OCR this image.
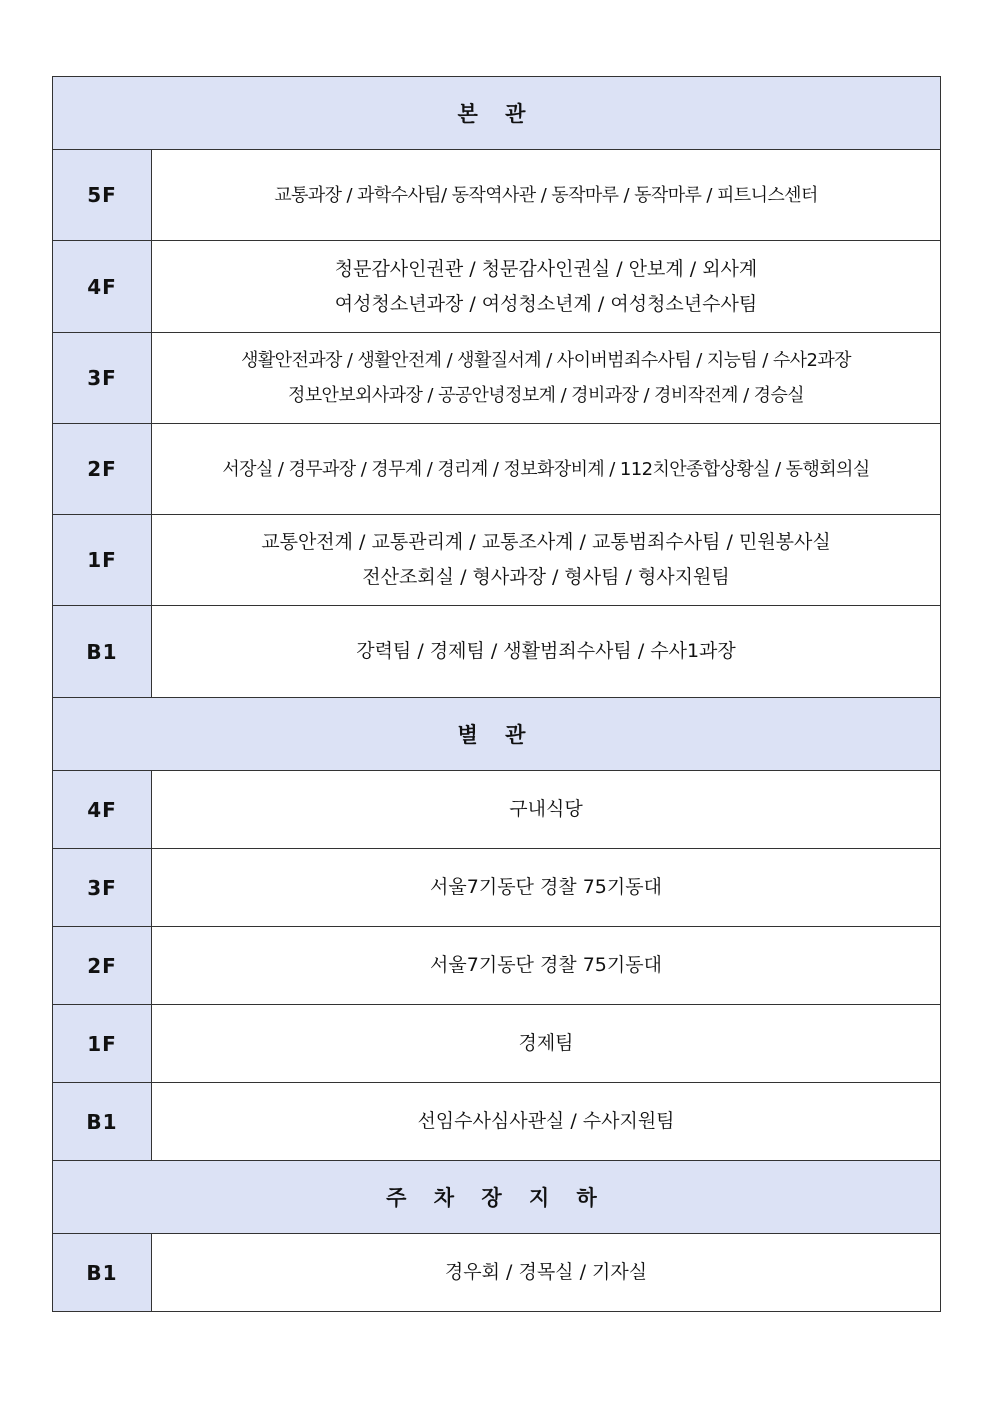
본 관	
5F	교통과장 / 과학수사팀/ 동작역사관 / 동작마루 / 동작마루 / 피트니스센터

4F	청문감사인권관 / 청문감사인권실 / 안보계 / 외사계
여성청소년과장 / 여성청소년계 / 여성청소년수사팀

3F	생활안전과장 / 생활안전계 / 생활질서계 / 사이버범죄수사팀 / 지능팀 / 수사2과장
정보안보외사과장 / 공공안녕정보계 / 경비과장 / 경비작전계 / 경승실

2F	서장실 / 경무과장 / 경무계 / 경리계 / 정보화장비계 / 112치안종합상황실 / 동행회의실

1F	교통안전계 / 교통관리계 / 교통조사계 / 교통범죄수사팀 / 민원봉사실
전산조회실 / 형사과장 / 형사팀 / 형사지원팀

B1	강력팀 / 경제팀 / 생활범죄수사팀 / 수사1과장

별 관	
4F	구내식당

3F	서울7기동단 경찰 75기동대

2F	서울7기동단 경찰 75기동대

1F	경제팀

B1	선임수사심사관실 / 수사지원팀

주 차 장 지 하	
B1	경우회 / 경목실 / 기자실
